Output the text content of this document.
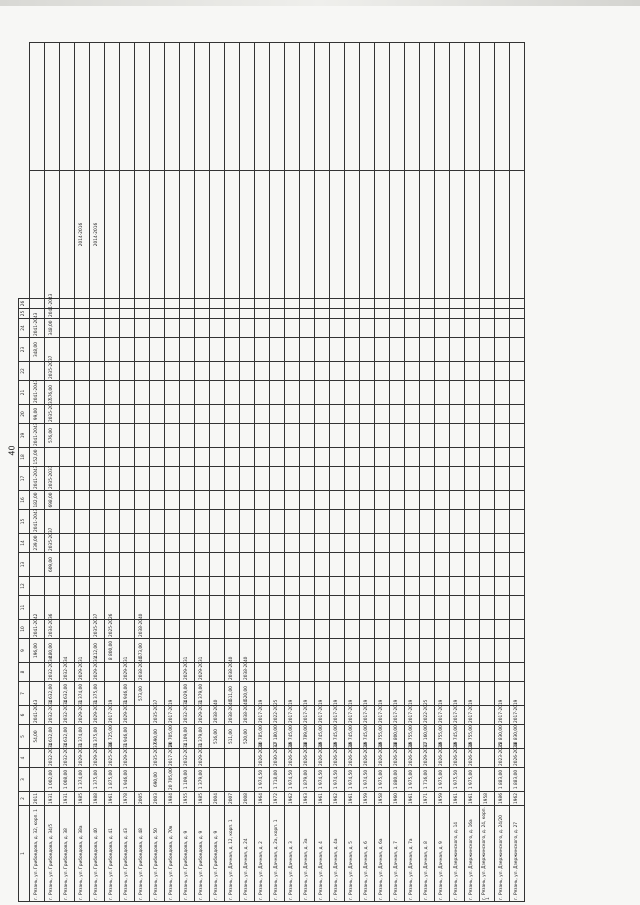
40
1	2	3	4	5	6	7	8	9	10	11	12	13	14	15	16	17	18	19	20	21	22	23	24	25	26		
г. Рязань, ул. Грибоедова, д. 32, корп. 1	2011			54,00	2041-2043			196,00	2041-2042				239,00	2041-2043	182,00	2041-2043	152,00	2041-2043	99,00	2041-2043		348,00	2041-2043				
г. Рязань, ул. Грибоедова, д. 34/5	1931	1 002,00	2032-2034	1 632,00	2032-2034	1 632,00	2032-2034	480,00	2034-2036			609,00	2035-2037		698,00	2035-2037		576,00	2035-2037	576,00	2035-2037		348,00	2041-2043			
г. Рязань, ул. Грибоедова, д. 38	1931	1 008,00	2032-2034	1 632,00	2032-2034	1 632,00	2032-2034																				
г. Рязань, ул. Грибоедова, д. 38а	1985	1 374,00	2029-2031	1 374,00	2029-2031	1 374,00	2029-2031																			2014-2016	
г. Рязань, ул. Грибоедова, д. 40	1988	1 375,00	2029-2031	1 375,00	2029-2031	1 375,00	2029-2031	412,00	2035-2037																	2014-2016	
г. Рязань, ул. Грибоедова, д. 41	1961	1 875,00	2025-2028	16 725,00	2017-2019			8 800,00	2025-2026																		
г. Рязань, ул. Грибоедова, д. 43	1978	1 946,00	2029-2031	1 946,00	2029-2031	1 946,00	2029-2031																				
г. Рязань, ул. Грибоедова, д. 48	2005					573,00	2038-2040	573,00	2038-2040																		
г. Рязань, ул. Грибоедова, д. 50	2003	690,00	2035-2037	690,00	2035-2037																						
г. Рязань, ул. Грибоедова, д. 70в	1984	20 705,00	2017-2019	20 705,00	2017-2019																						
г. Рязань, ул. Грибоедова, д. 9	1955	1 109,00	2032-2034	1 109,00	2032-2034	1 029,00	2029-2031																				
г. Рязань, ул. Грибоедова, д. 9	1985	1 379,00	2029-2031	1 379,00	2029-2031	1 379,00	2029-2031																				
г. Рязань, ул. Грибоедова, д. 9	2004			516,00	2038-2040																						
г. Рязань, ул. Дачная, д. 12, корп. 1	2007			511,00	2038-2040	511,00	2038-2040																				
г. Рязань, ул. Дачная, д. 24	2008			520,00	2038-2040	520,00	2038-2040																				
г. Рязань, ул. Дачная, д. 2	1964	1 974,50	2026-2028	10 785,00	2017-2019																						
г. Рязань, ул. Дачная, д. 2а, корп. 1	1972	1 718,00	2030-2032	17 180,00	2022-2025																						
г. Рязань, ул. Дачная, д. 3	1962	1 974,50	2026-2028	19 745,00	2017-2019																						
г. Рязань, ул. Дачная, д. 3а	1963	1 879,00	2026-2028	18 789,00	2017-2019																						
г. Рязань, ул. Дачная, д. 4	1961	1 974,50	2026-2028	19 745,00	2017-2019																						
г. Рязань, ул. Дачная, д. 4а	1962	1 974,50	2026-2028	19 745,00	2017-2019																						
г. Рязань, ул. Дачная, д. 5	1961	1 974,50	2026-2028	19 745,00	2017-2019																						
г. Рязань, ул. Дачная, д. 6	1959	1 974,50	2026-2028	19 745,00	2017-2019																						
г. Рязань, ул. Дачная, д. 6а	1958	1 975,00	2026-2028	19 755,00	2017-2019																						
г. Рязань, ул. Дачная, д. 7	1960	1 880,00	2026-2028	18 800,00	2017-2019																						
г. Рязань, ул. Дачная, д. 7а	1961	1 975,00	2026-2028	19 755,00	2017-2019																						
г. Рязань, ул. Дачная, д. 8	1971	1 716,00	2029-2031	17 160,00	2022-2025																						
г. Рязань, ул. Дачная, д. 9	1959	1 975,00	2026-2028	19 755,00	2017-2019																						
г. Рязань, ул. Дзержинского, д. 14	1961	1 975,50	2026-2028	19 745,00	2017-2019																						
г. Рязань, ул. Дзержинского, д. 16а	1961	1 975,00	2026-2028	19 755,00	2017-2019																						
г. Рязань, ул. Дзержинского, д. 24, корп. 1	1958																										
г. Рязань, ул. Дзержинского, д. 24/20	1986	1 883,00	2023-2025	18 830,00	2017-2019																						
г. Рязань, ул. Дзержинского, д. 27	1962	1 883,00	2026-2028	18 830,00	2017-2019																						
